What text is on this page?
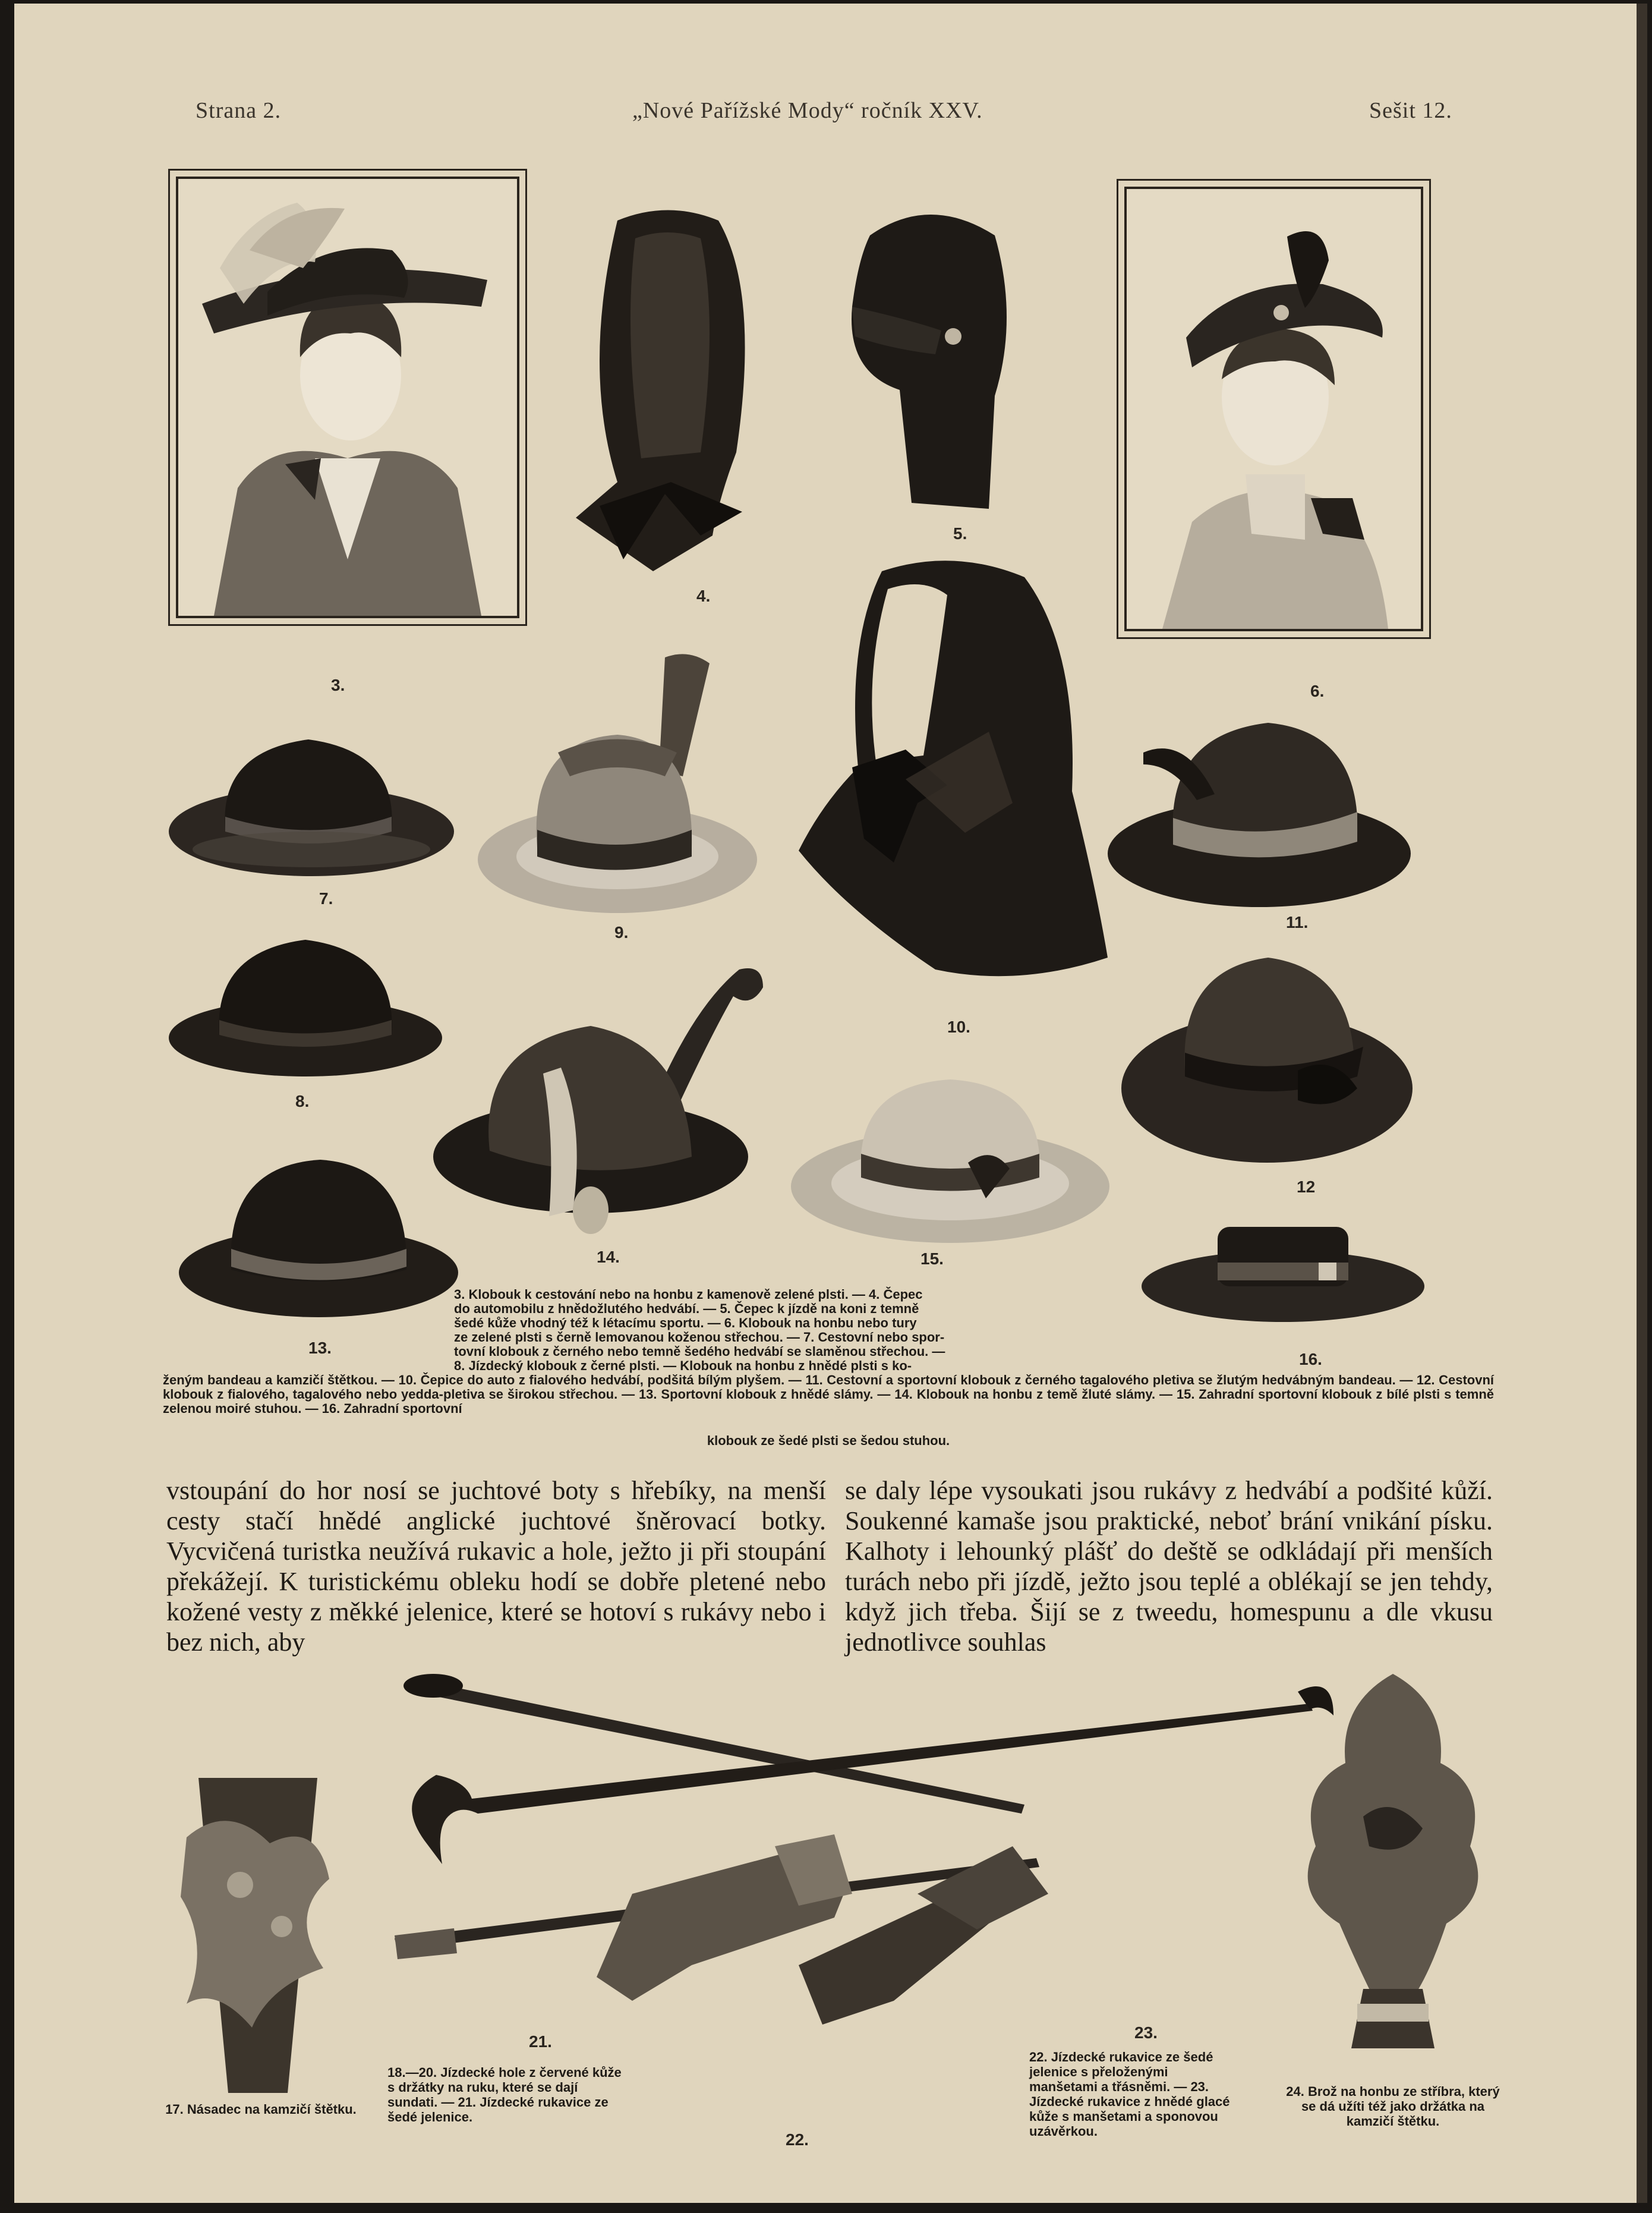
Strana 2.	„Nové Pařížské Mody“ ročník XXV.	Sešit 12.
3.
4.
5.
6.
7.
9.
10.
11.
8.
12
14.	15.
13.
16.
3. Klobouk k cestování nebo na honbu z kamenově zelené plsti. — 4. Čepec
do automobilu z hnědožlutého hedvábí. — 5. Čepec k jízdě na koni z temně
šedé kůže vhodný též k létacímu sportu. — 6. Klobouk na honbu nebo tury
ze zelené plsti s černě lemovanou koženou střechou. — 7. Cestovní nebo spor-
tovní klobouk z černého nebo temně šedého hedvábí se slaměnou střechou. —
8. Jízdecký klobouk z černé plsti. — Klobouk na honbu z hnědé plsti s ko-
ženým bandeau a kamzičí štětkou. — 10. Čepice do auto z fialového hedvábí, podšitá bílým plyšem. — 11. Cestovní a sportovní klobouk z černého tagalového pletiva se žlutým hedvábným bandeau. — 12. Cestovní klobouk z fialového, tagalového nebo yedda-pletiva se širokou střechou. — 13. Sportovní klobouk z hnědé slámy. — 14. Klobouk na honbu z temě žluté slámy. — 15. Zahradní sportovní klobouk z bílé plsti s temně zelenou moiré stuhou. — 16. Zahradní sportovní
klobouk ze šedé plsti se šedou stuhou.
vstoupání do hor nosí se juchtové boty s hřebíky, na menší cesty stačí hnědé anglické juchtové šněrovací botky. Vycvičená turistka neužívá rukavic a hole, ježto ji při stoupání překážejí. K turistickému obleku hodí se dobře pletené nebo kožené vesty z měkké jelenice, které se hotoví s rukávy nebo i bez nich, aby
se daly lépe vysoukati jsou rukávy z hedvábí a podšité kůží. Soukenné kamaše jsou praktické, neboť brání vnikání písku. Kalhoty i lehounký plášť do deště se odkládají při menších turách nebo při jízdě, ježto jsou teplé a oblékají se jen tehdy, když jich třeba. Šijí se z tweedu, homespunu a dle vkusu jednotlivce souhlas
17. Násadec na kamzičí štětku.
21.	23.
22.
18.—20. Jízdecké hole z červené kůže s držátky na ruku, které se dají sundati. — 21. Jízdecké rukavice ze šedé jelenice.
22. Jízdecké rukavice ze šedé jelenice s přeloženými manšetami a třásněmi. — 23. Jízdecké rukavice z hnědé glacé kůže s manšetami a sponovou uzávěrkou.
24. Brož na honbu ze stříbra, který se dá užíti též jako držátka na kamzičí štětku.
